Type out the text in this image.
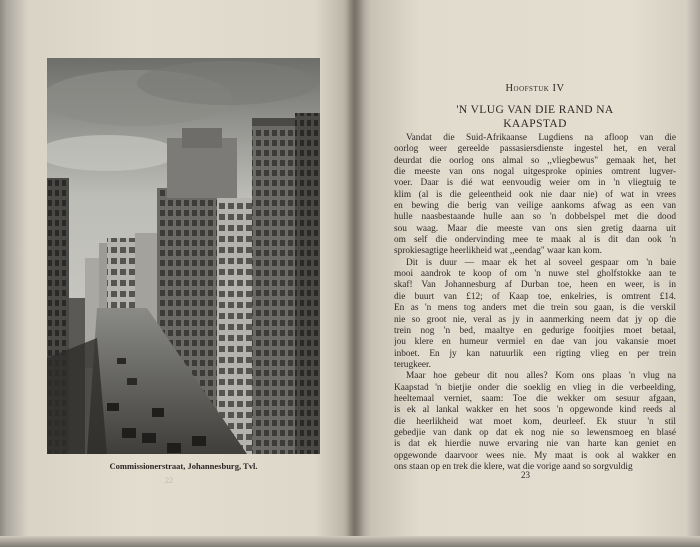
Commissionerstraat, Johannesburg, Tvl.
22
Hoofstuk IV
'N VLUG VAN DIE RAND NA
KAAPSTAD

Vandat die Suid-Afrikaanse Lugdiens na afloop van die
oorlog weer gereelde passasiersdienste ingestel het, en veral
deurdat die oorlog ons almal so ,,vliegbewus" gemaak het, het
die meeste van ons nogal uitgesproke opinies omtrent lugver-
voer. Daar is dié wat eenvoudig weier om in 'n vliegtuig te
klim (al is die geleentheid ook nie daar nie) of wat in vrees
en bewing die berig van veilige aankoms afwag as een van
hulle naasbestaande hulle aan so 'n dobbelspel met die dood
sou waag. Maar die meeste van ons sien gretig daarna uit
om self die ondervinding mee te maak al is dit dan ook 'n
sprokiesagtige heerlikheid wat ,,eendag" waar kan kom.

Dit is duur — maar ek het al soveel gespaar om 'n baie
mooi aandrok te koop of om 'n nuwe stel gholfstokke aan te
skaf! Van Johannesburg af Durban toe, heen en weer, is in
die buurt van £12; of Kaap toe, enkelries, is omtrent £14.
En as 'n mens tog anders met die trein sou gaan, is die verskil
nie so groot nie, veral as jy in aanmerking neem dat jy op die
trein nog 'n bed, maaltye en gedurige fooitjies moet betaal,
jou klere en humeur vermiel en dae van jou vakansie moet
inboet. En jy kan natuurlik een rigting vlieg en per trein
terugkeer.

Maar hoe gebeur dit nou alles? Kom ons plaas 'n vlug na
Kaapstad 'n bietjie onder die soeklig en vlieg in die verbeelding,
heeltemaal verniet, saam: Toe die wekker om sesuur afgaan,
is ek al lankal wakker en het soos 'n opgewonde kind reeds al
die heerlikheid wat moet kom, deurleef. Ek stuur 'n stil
gebedjie van dank op dat ek nog nie so lewensmoeg en blasé
is dat ek hierdie nuwe ervaring nie van harte kan geniet en
opgewonde daarvoor wees nie. My maat is ook al wakker en
ons staan op en trek die klere, wat die vorige aand so sorgvuldig

23
